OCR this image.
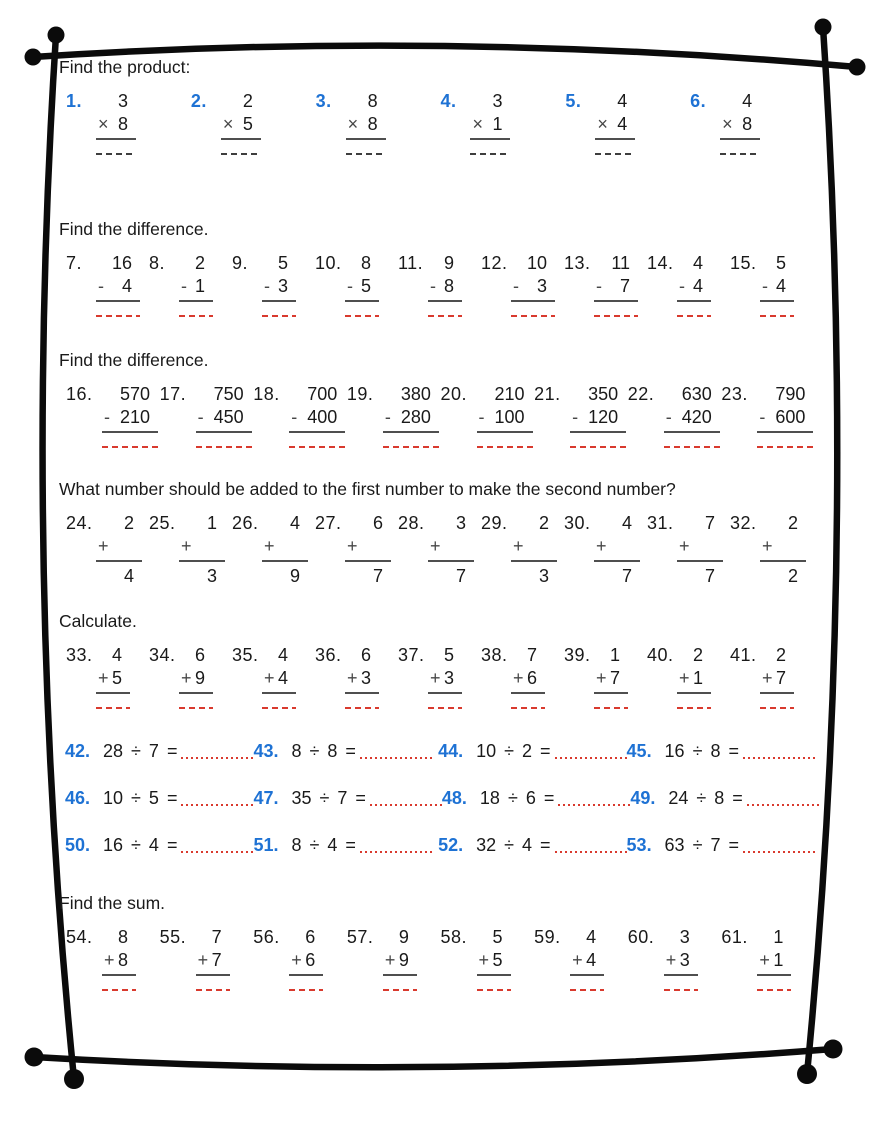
Find the product:
1.	3
× 8
2.	2
× 5
3.	8
× 8
4.	3
× 1
5.	4
× 4
6.	4
× 8
Find the difference.
7.	16
- 4
8.	2
- 1
9.	5
- 3
10.	8
- 5
11.	9
- 8
12.	10
- 3
13.	11
- 7
14.	4
- 4
15.	5
- 4
Find the difference.
16.	570
- 210
17.	750
- 450
18.	700
- 400
19.	380
- 280
20.	210
- 100
21.	350
- 120
22.	630
- 420
23.	790
- 600
What number should be added to the first number to make the second number?
24.	2
+
4
25.	1
+
3
26.	4
+
9
27.	6
+
7
28.	3
+
7
29.	2
+
3
30.	4
+
7
31.	7
+
7
32.	2
+
2
Calculate.
33.	4
+ 5
34.	6
+ 9
35.	4
+ 4
36.	6
+ 3
37.	5
+ 3
38.	7
+ 6
39.	1
+ 7
40.	2
+ 1
41.	2
+ 7
42. 28 ÷ 7 =	43. 8 ÷ 8 =	44. 10 ÷ 2 =	45. 16 ÷ 8 =
46. 10 ÷ 5 =	47. 35 ÷ 7 =	48. 18 ÷ 6 =	49. 24 ÷ 8 =
50. 16 ÷ 4 =	51. 8 ÷ 4 =	52. 32 ÷ 4 =	53. 63 ÷ 7 =
Find the sum.
54.	8
+ 8
55.	7
+ 7
56.	6
+ 6
57.	9
+ 9
58.	5
+ 5
59.	4
+ 4
60.	3
+ 3
61.	1
+ 1
